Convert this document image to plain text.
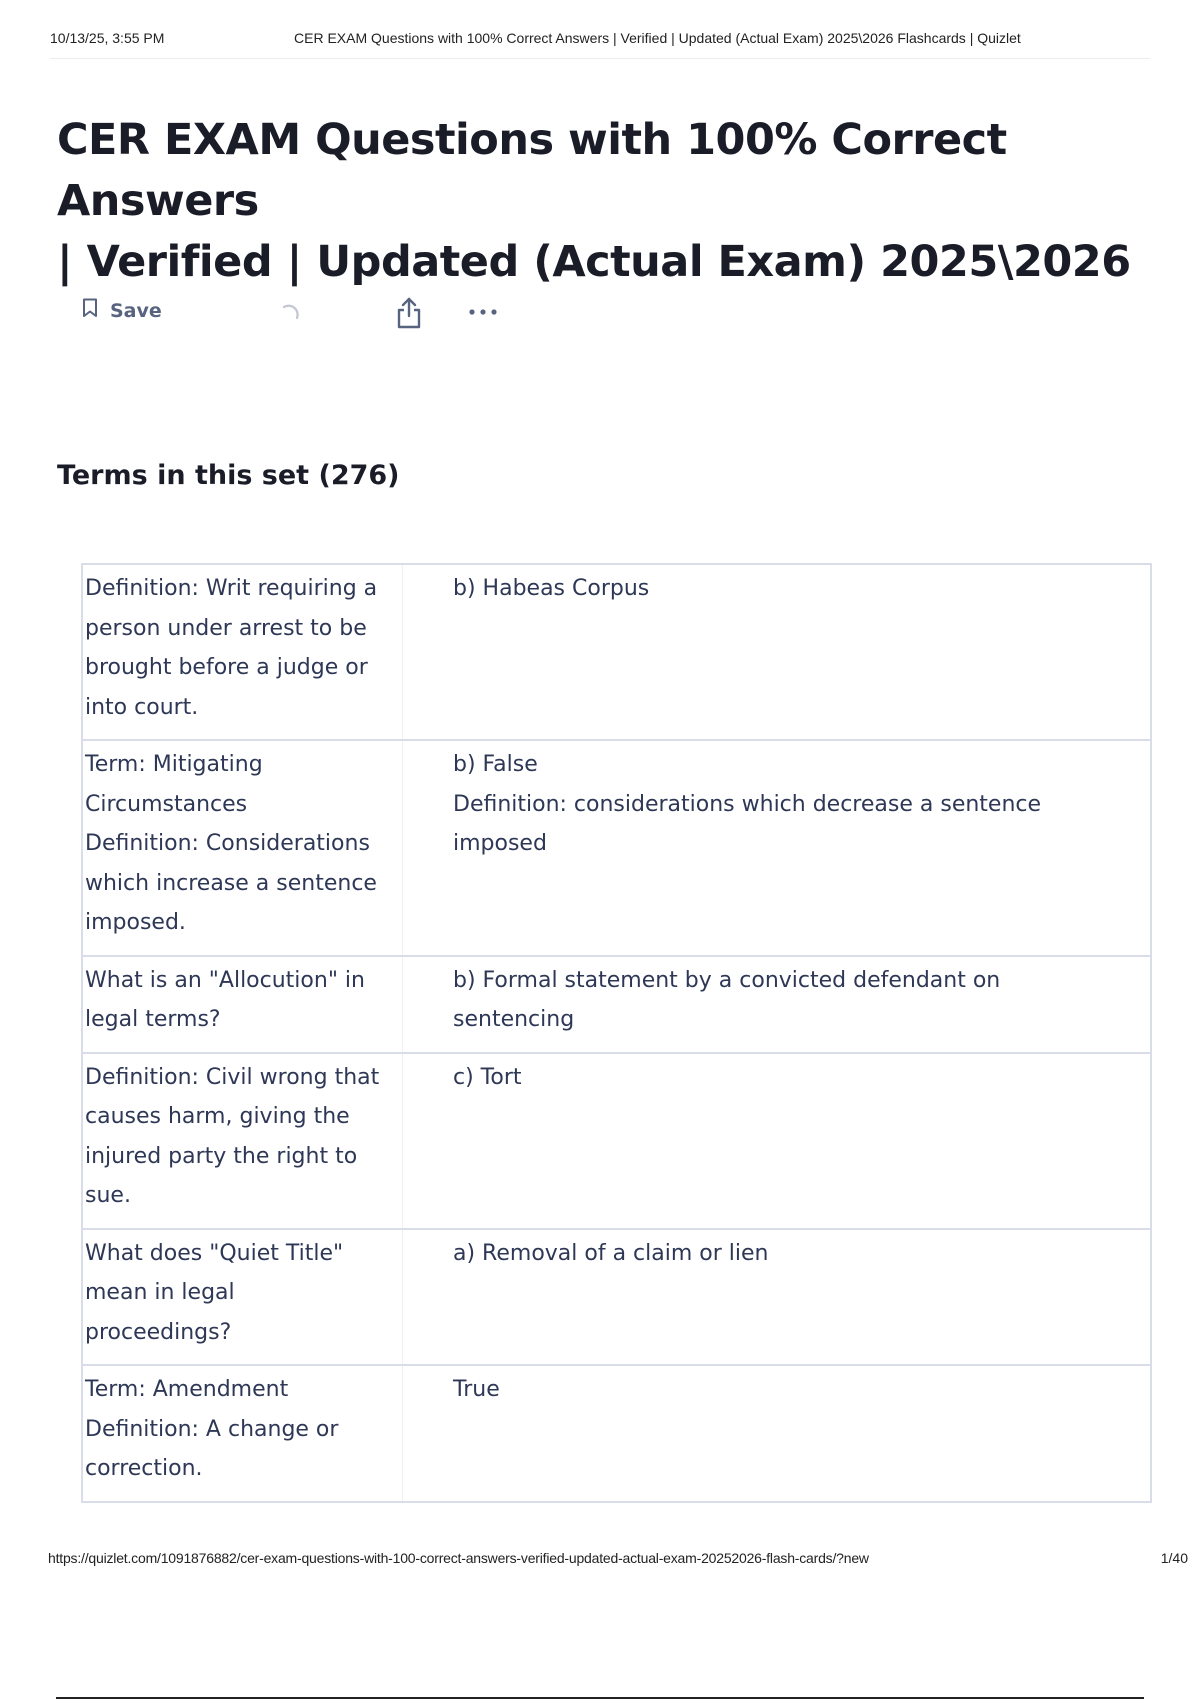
10/13/25, 3:55 PM	CER EXAM Questions with 100% Correct Answers | Verified | Updated (Actual Exam) 2025\2026 Flashcards | Quizlet
CER EXAM Questions with 100% Correct Answers
| Verified | Updated (Actual Exam) 2025\2026
Save
Terms in this set (276)
Definition: Writ requiring a
person under arrest to be
brought before a judge or
into court.
b) Habeas Corpus
Term: Mitigating
Circumstances
Definition: Considerations
which increase a sentence
imposed.
b) False
Definition: considerations which decrease a sentence
imposed
What is an "Allocution" in
legal terms?
b) Formal statement by a convicted defendant on
sentencing
Definition: Civil wrong that
causes harm, giving the
injured party the right to
sue.
c) Tort
What does "Quiet Title"
mean in legal
proceedings?
a) Removal of a claim or lien
Term: Amendment
Definition: A change or
correction.
True
https://quizlet.com/1091876882/cer-exam-questions-with-100-correct-answers-verified-updated-actual-exam-20252026-flash-cards/?new	1/40
